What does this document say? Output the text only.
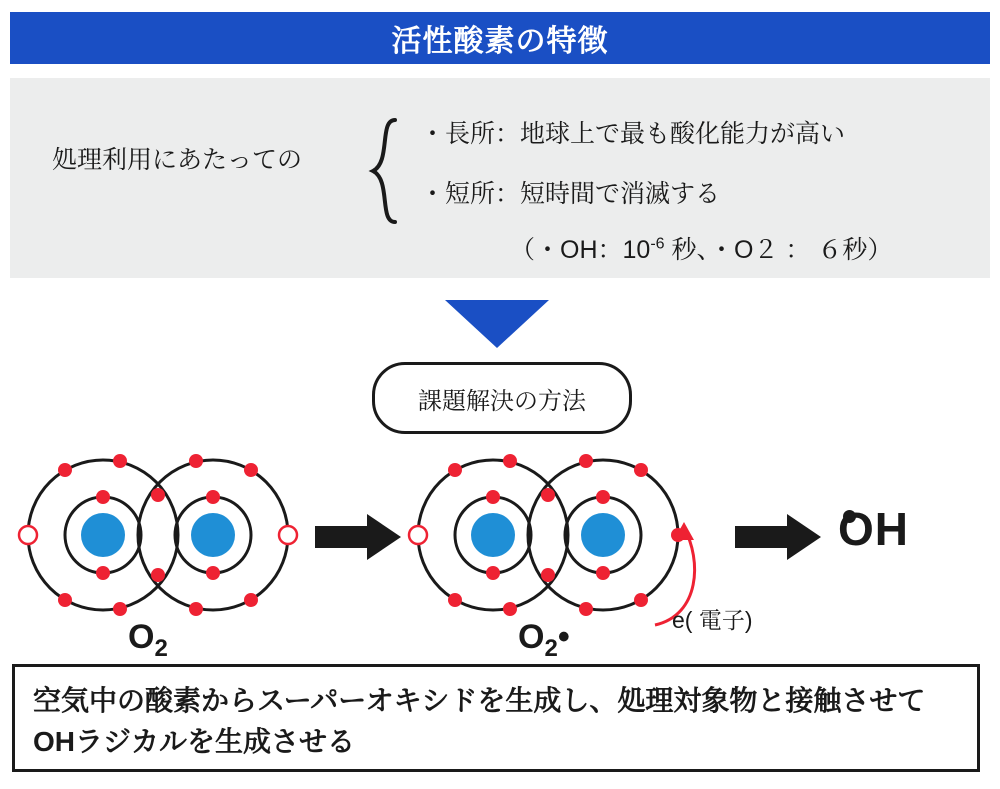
活性酸素の特徴
処理利用にあたっての
・長所：地球上で最も酸化能力が高い
・短所：短時間で消滅する
（・OH：$10^{-6}$ 秒、・O２ ： ６秒）
課題解決の方法
$O_2$	$O_2•$	e( 電子)
OH
空気中の酸素からスーパーオキシドを生成し、処理対象物と接触させてOHラジカルを生成させる
